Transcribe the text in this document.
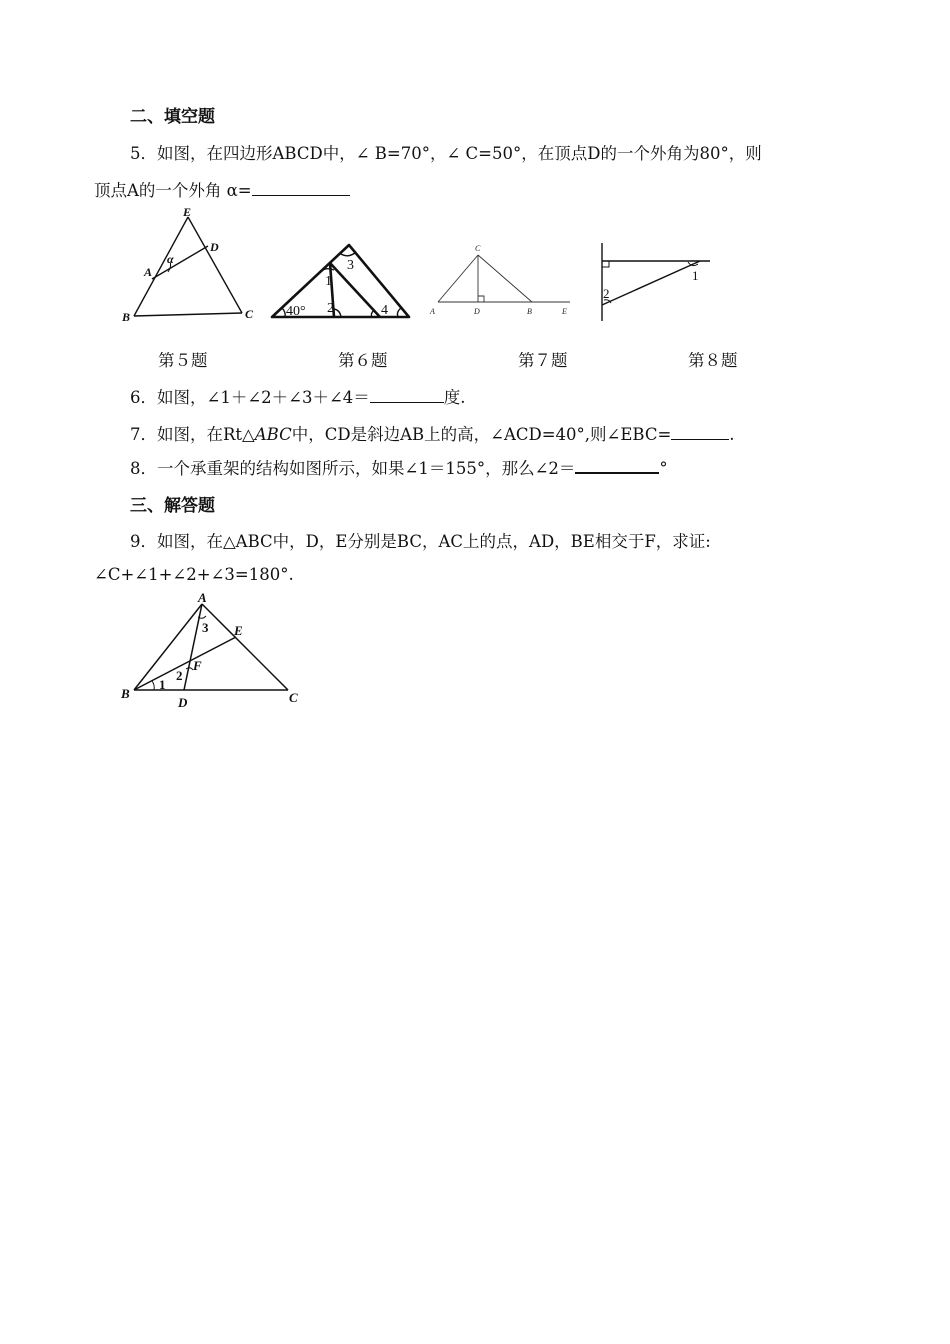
二、填空题
5．如图，在四边形ABCD中，∠ B=70°，∠ C=50°，在顶点D的一个外角为80°，则
顶点A的一个外角 α=
E
D
α
A
B	C
第５题
3
1
40° 2	4
第６题
C
A	D	B	E
第７题
1
2
第８题
6．如图，∠1＋∠2＋∠3＋∠4＝	度.
7．如图，在Rt△ABC中，CD是斜边AB上的高，∠ACD=40°,则∠EBC=	.
8．一个承重架的结构如图所示，如果∠1＝155°，那么∠2＝	°
三、解答题
9．如图，在△ABC中，D，E分别是BC，AC上的点，AD，BE相交于F，求证:
∠C+∠1+∠2+∠3=180°.
A
3 E
F
2
B
1
D	C
